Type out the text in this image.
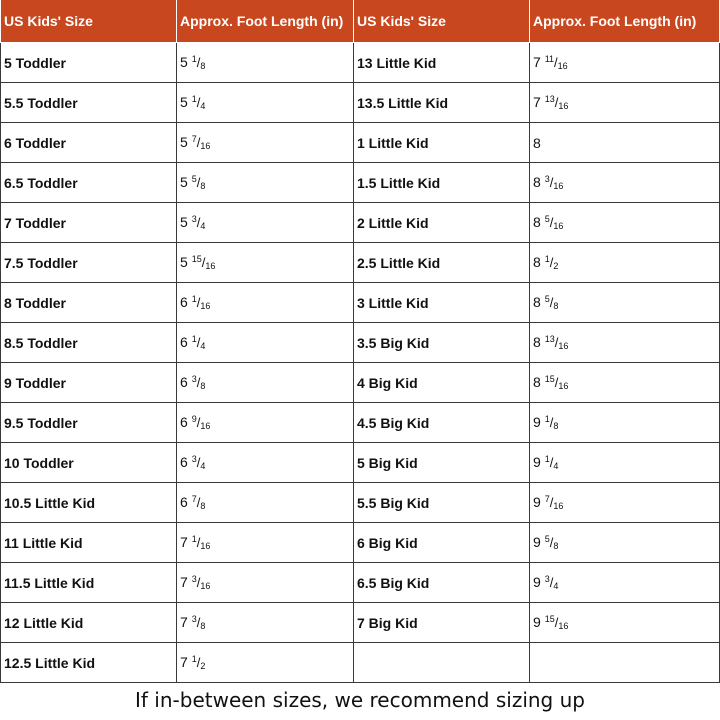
US Kids' Size	Approx. Foot Length (in)	US Kids' Size	Approx. Foot Length (in)
5 Toddler	5 $^1/_8$	13 Little Kid	7 $^{11}/_{16}$
5.5 Toddler	5 $^1/_4$	13.5 Little Kid	7 $^{13}/_{16}$
6 Toddler	5 $^7/_{16}$	1 Little Kid	8
6.5 Toddler	5 $^5/_8$	1.5 Little Kid	8 $^3/_{16}$
7 Toddler	5 $^3/_4$	2 Little Kid	8 $^5/_{16}$
7.5 Toddler	5 $^{15}/_{16}$	2.5 Little Kid	8 $^1/_2$
8 Toddler	6 $^1/_{16}$	3 Little Kid	8 $^5/_8$
8.5 Toddler	6 $^1/_4$	3.5 Big Kid	8 $^{13}/_{16}$
9 Toddler	6 $^3/_8$	4 Big Kid	8 $^{15}/_{16}$
9.5 Toddler	6 $^9/_{16}$	4.5 Big Kid	9 $^1/_8$
10 Toddler	6 $^3/_4$	5 Big Kid	9 $^1/_4$
10.5 Little Kid	6 $^7/_8$	5.5 Big Kid	9 $^7/_{16}$
11 Little Kid	7 $^1/_{16}$	6 Big Kid	9 $^5/_8$
11.5 Little Kid	7 $^3/_{16}$	6.5 Big Kid	9 $^3/_4$
12 Little Kid	7 $^3/_8$	7 Big Kid	9 $^{15}/_{16}$
12.5 Little Kid	7 $^1/_2$		
If in-between sizes, we recommend sizing up
